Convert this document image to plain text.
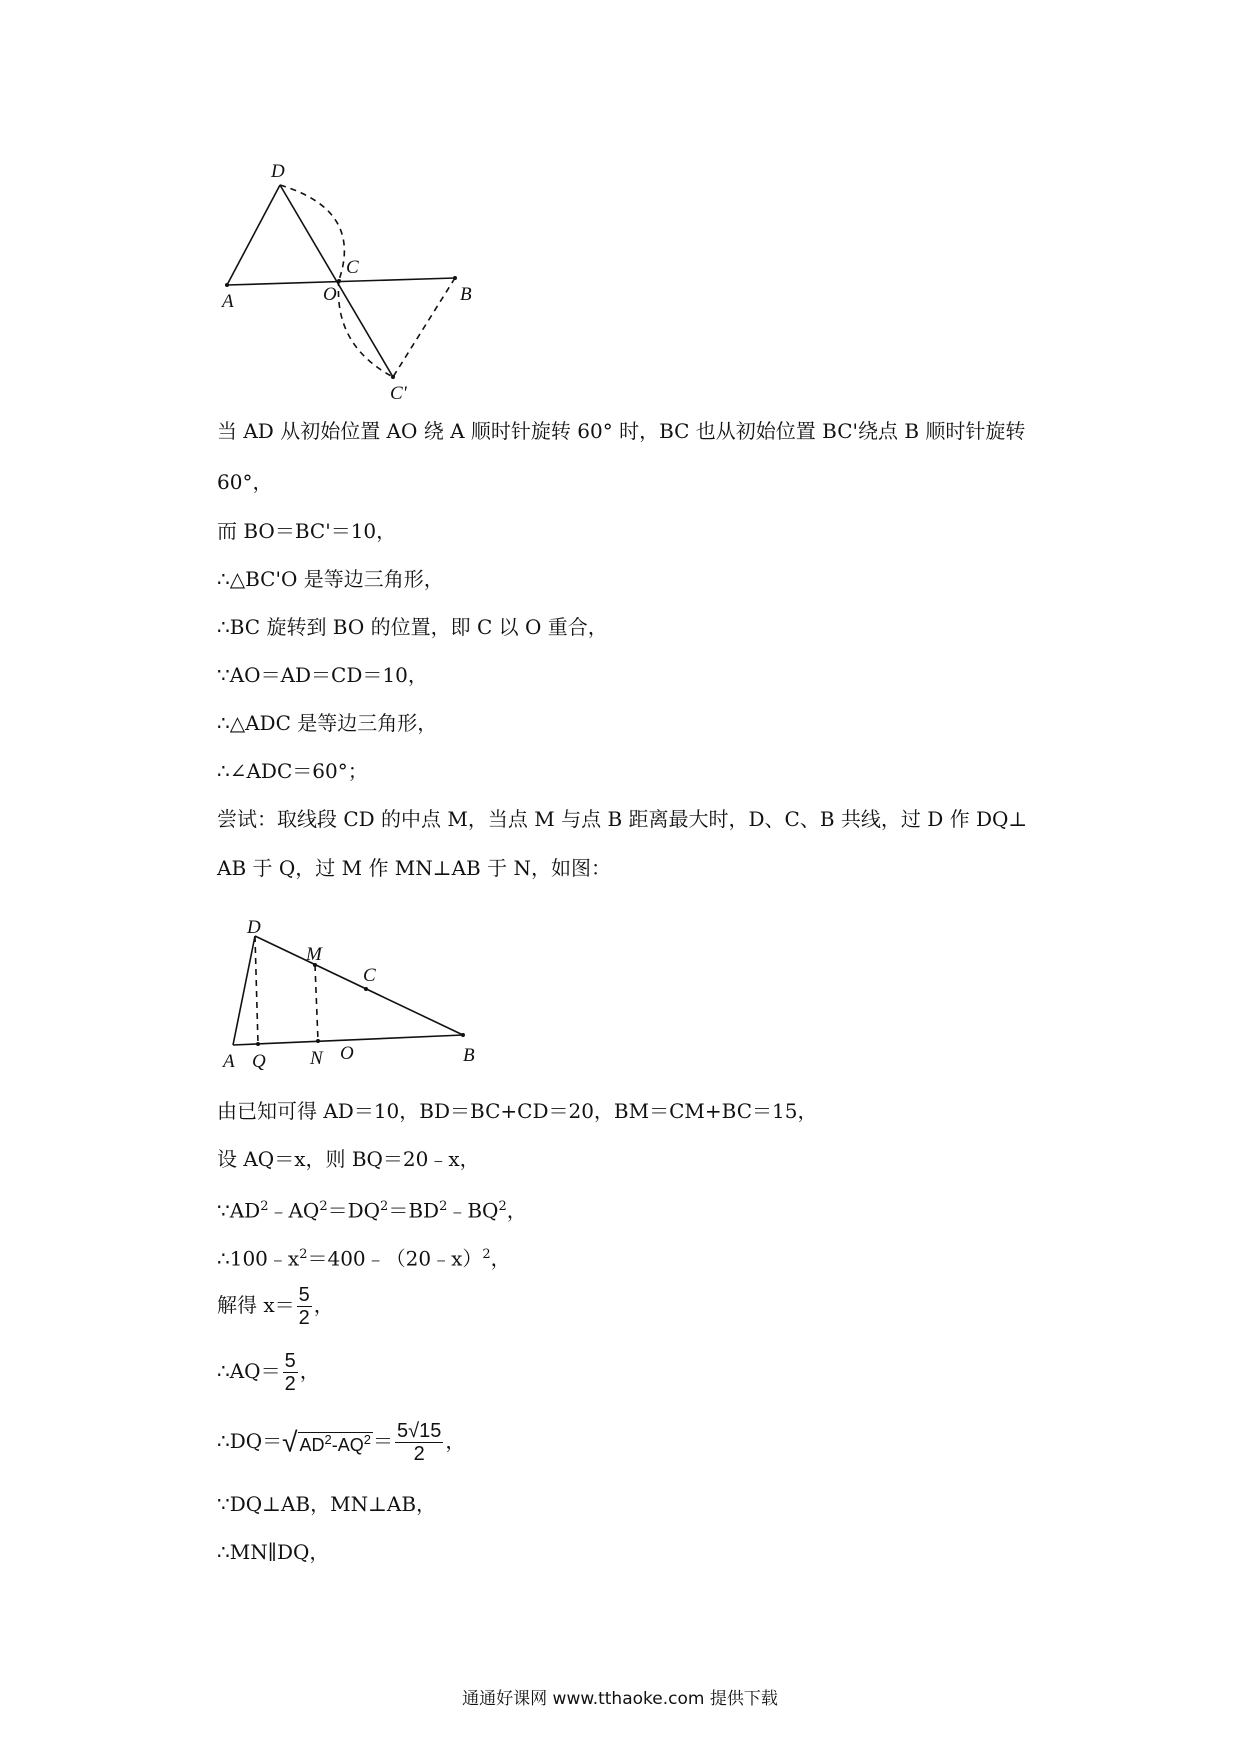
D
A	O
C
B
C'
D
M
C
A Q N O	B
当 AD 从初始位置 AO 绕 A 顺时针旋转 60° 时，BC 也从初始位置 BC'绕点 B 顺时针旋转
60°，
而 BO＝BC'＝10，
∴△BC'O 是等边三角形，
∴BC 旋转到 BO 的位置，即 C 以 O 重合，
∵AO＝AD＝CD＝10，
∴△ADC 是等边三角形，
∴∠ADC＝60°；
尝试：取线段 CD 的中点 M，当点 M 与点 B 距离最大时，D、C、B 共线，过 D 作 DQ⊥
AB 于 Q，过 M 作 MN⊥AB 于 N，如图：
由已知可得 AD＝10，BD＝BC+CD＝20，BM＝CM+BC＝15，
设 AQ＝x，则 BQ＝20﹣x，
$\because AD^2﹣AQ^2=DQ^2=BD^2﹣BQ^2$，
$\therefore 100﹣x^2=400﹣(20﹣x)^2$，
解得 $x= \frac{5}{2}$ ，
∴AQ＝ $\frac{5}{2}$ ，
∴DQ＝√ $AD^2-AQ^2 = \frac{5√15}{2}$ ，
∵DQ⊥AB，MN⊥AB，
∴MN∥DQ，
通通好课网 www.tthaoke.com 提供下载
